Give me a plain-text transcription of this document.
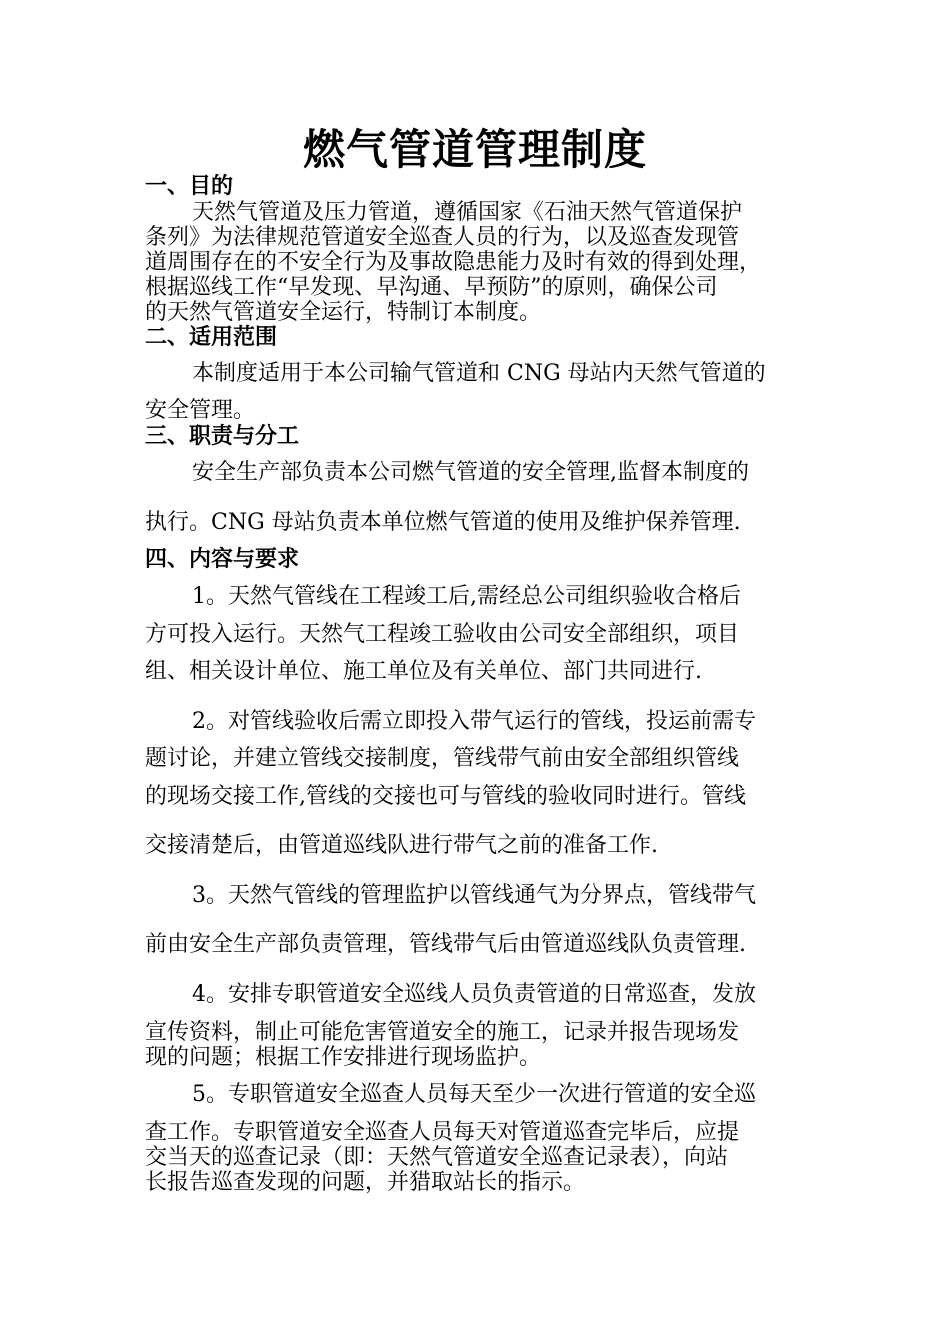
燃气管道管理制度
一、目的
天然气管道及压力管道，遵循国家《石油天然气管道保护
条列》为法律规范管道安全巡查人员的行为，以及巡查发现管
道周围存在的不安全行为及事故隐患能力及时有效的得到处理，
根据巡线工作“早发现、早沟通、早预防”的原则，确保公司
的天然气管道安全运行，特制订本制度。
二、适用范围
本制度适用于本公司输气管道和 CNG 母站内天然气管道的
安全管理。
三、职责与分工
安全生产部负责本公司燃气管道的安全管理,监督本制度的
执行。CNG 母站负责本单位燃气管道的使用及维护保养管理.
四、内容与要求
1。天然气管线在工程竣工后,需经总公司组织验收合格后
方可投入运行。天然气工程竣工验收由公司安全部组织，项目
组、相关设计单位、施工单位及有关单位、部门共同进行.
2。对管线验收后需立即投入带气运行的管线，投运前需专
题讨论，并建立管线交接制度，管线带气前由安全部组织管线
的现场交接工作,管线的交接也可与管线的验收同时进行。管线
交接清楚后，由管道巡线队进行带气之前的准备工作.
3。天然气管线的管理监护以管线通气为分界点，管线带气
前由安全生产部负责管理，管线带气后由管道巡线队负责管理.
4。安排专职管道安全巡线人员负责管道的日常巡查，发放
宣传资料，制止可能危害管道安全的施工，记录并报告现场发
现的问题；根据工作安排进行现场监护。
5。专职管道安全巡查人员每天至少一次进行管道的安全巡
查工作。专职管道安全巡查人员每天对管道巡查完毕后，应提
交当天的巡查记录（即：天然气管道安全巡查记录表），向站
长报告巡查发现的问题，并猎取站长的指示。
